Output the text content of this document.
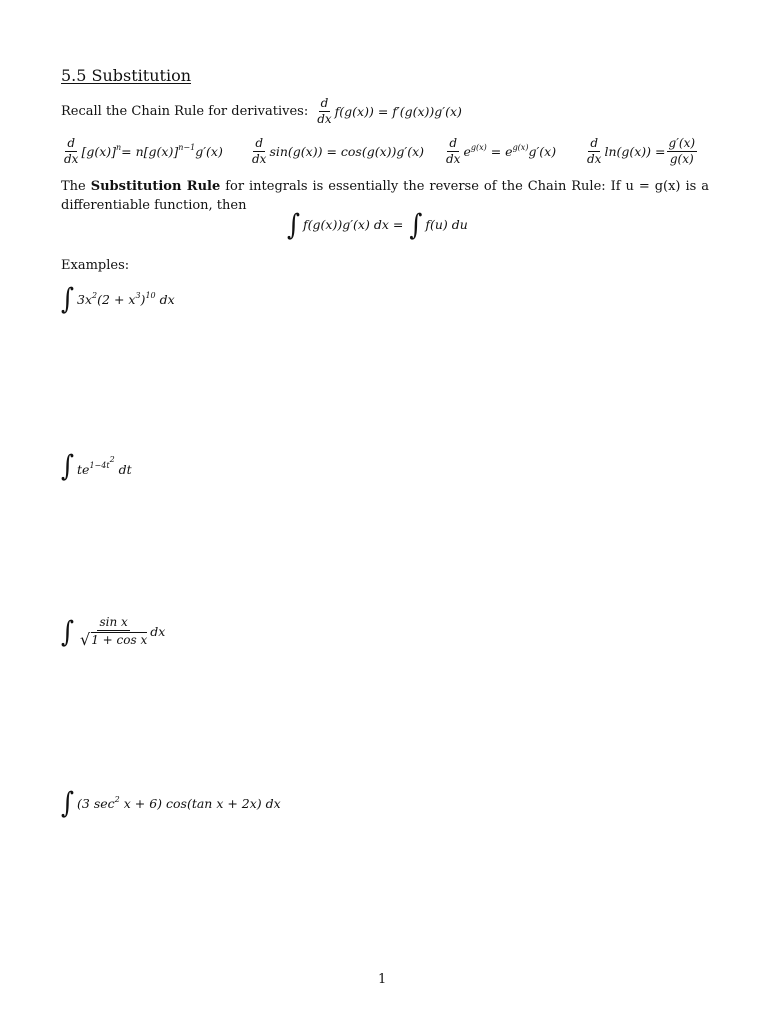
5.5 Substitution
Recall the Chain Rule for derivatives: $\frac{d}{dx} f(g(x)) = f'(g(x))g'(x)$
$\frac{d}{dx} [g(x)]^n = n[g(x)]^{n-1}g'(x) \frac{d}{dx} \sin(g(x)) = \cos(g(x))g'(x) \frac{d}{dx} e^{g(x)} = e^{g(x)}g'(x) \frac{d}{dx} \ln(g(x)) = \frac{g'(x)}{g(x)}$
The Substitution Rule for integrals is essentially the reverse of the Chain Rule: If u = g(x) is a differentiable function, then
∫ f(g(x))g′(x) dx = ∫ f(u) du
Examples:
∫ $3x^2(2 + x^3)^{10}$ dx
∫ $te^{1-4t^2}$ dt
∫ $\frac{\text{sin x}}{\text{√ 1 + cos x}}$ dx
∫ (3 $\sec^2 x + 6$) cos(tan x + 2x) dx
1
